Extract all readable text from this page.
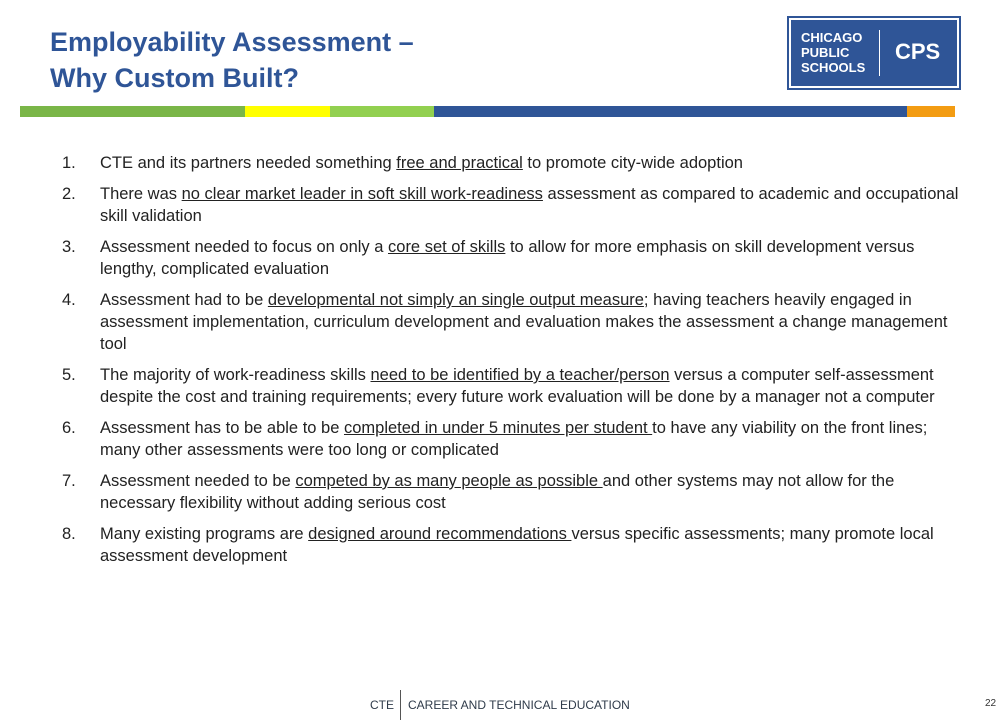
Employability Assessment –
Why Custom Built?
CHICAGO
PUBLIC
SCHOOLS
CPS
1. CTE and its partners needed something free and practical to promote city-wide adoption
2. There was no clear market leader in soft skill work-readiness assessment as compared to academic and occupational skill validation
3. Assessment needed to focus on only a core set of skills to allow for more emphasis on skill development versus lengthy, complicated evaluation
4. Assessment had to be developmental not simply an single output measure; having teachers heavily engaged in assessment implementation, curriculum development and evaluation makes the assessment a change management tool
5. The majority of work-readiness skills need to be identified by a teacher/person versus a computer self-assessment despite the cost and training requirements; every future work evaluation will be done by a manager not a computer
6. Assessment has to be able to be completed in under 5 minutes per student to have any viability on the front lines; many other assessments were too long or complicated
7. Assessment needed to be competed by as many people as possible and other systems may not allow for the necessary flexibility without adding serious cost
8. Many existing programs are designed around recommendations versus specific assessments; many promote local assessment development
CTE CAREER AND TECHNICAL EDUCATION	22
